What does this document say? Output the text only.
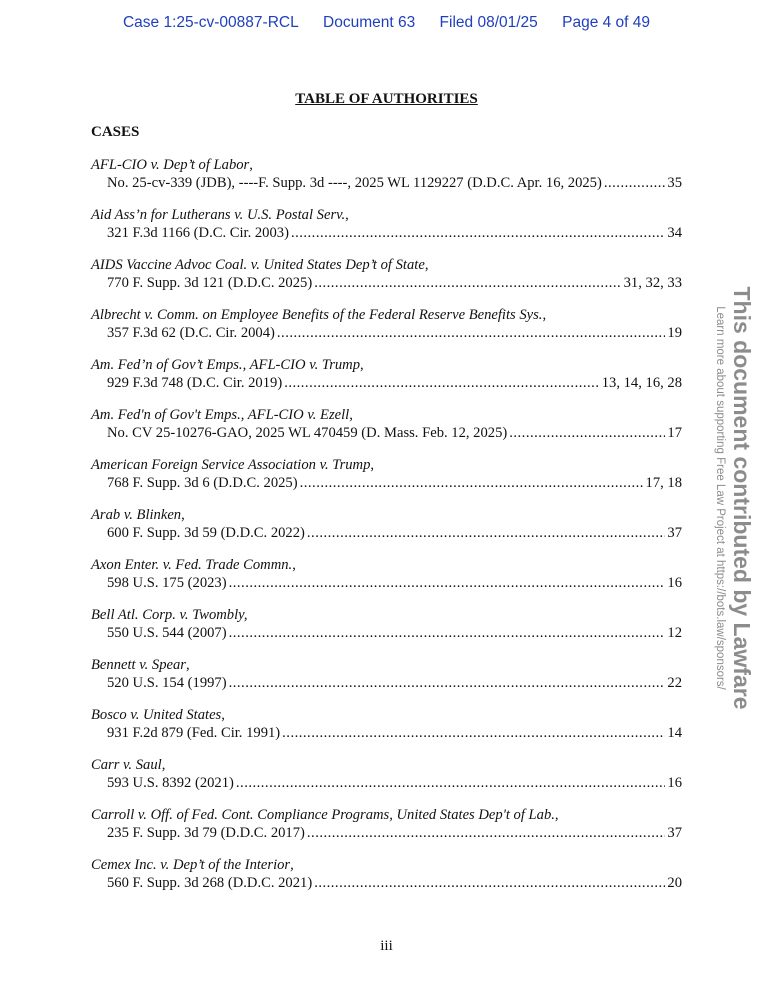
Case 1:25-cv-00887-RCL Document 63 Filed 08/01/25 Page 4 of 49
TABLE OF AUTHORITIES
CASES
AFL-CIO v. Dep’t of Labor,
No. 25-cv-339 (JDB), ----F. Supp. 3d ----, 2025 WL 1129227 (D.D.C. Apr. 16, 2025) .....	35
Aid Ass’n for Lutherans v. U.S. Postal Serv.,
321 F.3d 1166 (D.C. Cir. 2003) .....	34
AIDS Vaccine Advoc Coal. v. United States Dep’t of State,
770 F. Supp. 3d 121 (D.D.C. 2025) .....	31, 32, 33
Albrecht v. Comm. on Employee Benefits of the Federal Reserve Benefits Sys.,
357 F.3d 62 (D.C. Cir. 2004) .....	19
Am. Fed’n of Gov’t Emps., AFL-CIO v. Trump,
929 F.3d 748 (D.C. Cir. 2019) .....	13, 14, 16, 28
Am. Fed'n of Gov't Emps., AFL-CIO v. Ezell,
No. CV 25-10276-GAO, 2025 WL 470459 (D. Mass. Feb. 12, 2025) .....	17
American Foreign Service Association v. Trump,
768 F. Supp. 3d 6 (D.D.C. 2025) .....	17, 18
Arab v. Blinken,
600 F. Supp. 3d 59 (D.D.C. 2022) .....	37
Axon Enter. v. Fed. Trade Commn.,
598 U.S. 175 (2023) .....	16
Bell Atl. Corp. v. Twombly,
550 U.S. 544 (2007) .....	12
Bennett v. Spear,
520 U.S. 154 (1997) .....	22
Bosco v. United States,
931 F.2d 879 (Fed. Cir. 1991) .....	14
Carr v. Saul,
593 U.S. 8392 (2021) .....	16
Carroll v. Off. of Fed. Cont. Compliance Programs, United States Dep't of Lab.,
235 F. Supp. 3d 79 (D.D.C. 2017) .....	37
Cemex Inc. v. Dep’t of the Interior,
560 F. Supp. 3d 268 (D.D.C. 2021) .....	20
iii
This document contributed by Lawfare
Learn more about supporting Free Law Project at https://bots.law/sponsors/
